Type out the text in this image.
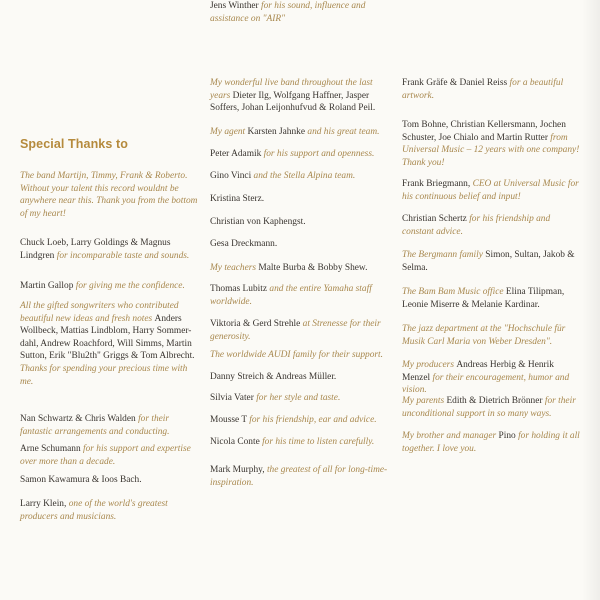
Special Thanks to

The band Martijn, Timmy, Frank & Roberto. Without your talent this record wouldnt be anywhere near this. Thank you from the bottom of my heart!

Chuck Loeb, Larry Goldings & Magnus Lindgren for incomparable taste and sounds.

Martin Gallop for giving me the confidence.

All the gifted songwriters who contributed beautiful new ideas and fresh notes Anders Wollbeck, Mattias Lindblom, Harry Sommer-dahl, Andrew Roachford, Will Simms, Martin Sutton, Erik "Blu2th" Griggs & Tom Albrecht. Thanks for spending your precious time with me.

Nan Schwartz & Chris Walden for their fantastic arrangements and conducting.

Arne Schumann for his support and expertise over more than a decade.

Samon Kawamura & Ioos Bach.

Larry Klein, one of the world's greatest producers and musicians.

My wonderful live band throughout the last years Dieter Ilg, Wolfgang Haffner, Jasper Soffers, Johan Leijonhufvud & Roland Peil.

My agent Karsten Jahnke and his great team.

Peter Adamik for his support and openness.

Gino Vinci and the Stella Alpina team.

Kristina Sterz.

Christian von Kaphengst.

Gesa Dreckmann.

My teachers Malte Burba & Bobby Shew.

Thomas Lubitz and the entire Yamaha staff worldwide.

Viktoria & Gerd Strehle at Strenesse for their generosity.

The worldwide AUDI family for their support.

Danny Streich & Andreas Müller.

Silvia Vater for her style and taste.

Mousse T for his friendship, ear and advice.

Nicola Conte for his time to listen carefully.

Mark Murphy, the greatest of all for long-time-inspiration.

Jens Winther for his sound, influence and assistance on "AIR"

Frank Gräfe & Daniel Reiss for a beautiful artwork.

Tom Bohne, Christian Kellersmann, Jochen Schuster, Joe Chialo and Martin Rutter from Universal Music – 12 years with one company! Thank you!

Frank Briegmann, CEO at Universal Music for his continuous belief and input!

Christian Schertz for his friendship and constant advice.

The Bergmann family Simon, Sultan, Jakob & Selma.

The Bam Bam Music office Elina Tilipman, Leonie Miserre & Melanie Kardinar.

The jazz department at the "Hochschule für Musik Carl Maria von Weber Dresden".

My producers Andreas Herbig & Henrik Menzel for their encouragement, humor and vision.

My parents Edith & Dietrich Brönner for their unconditional support in so many ways.

My brother and manager Pino for holding it all together. I love you.
